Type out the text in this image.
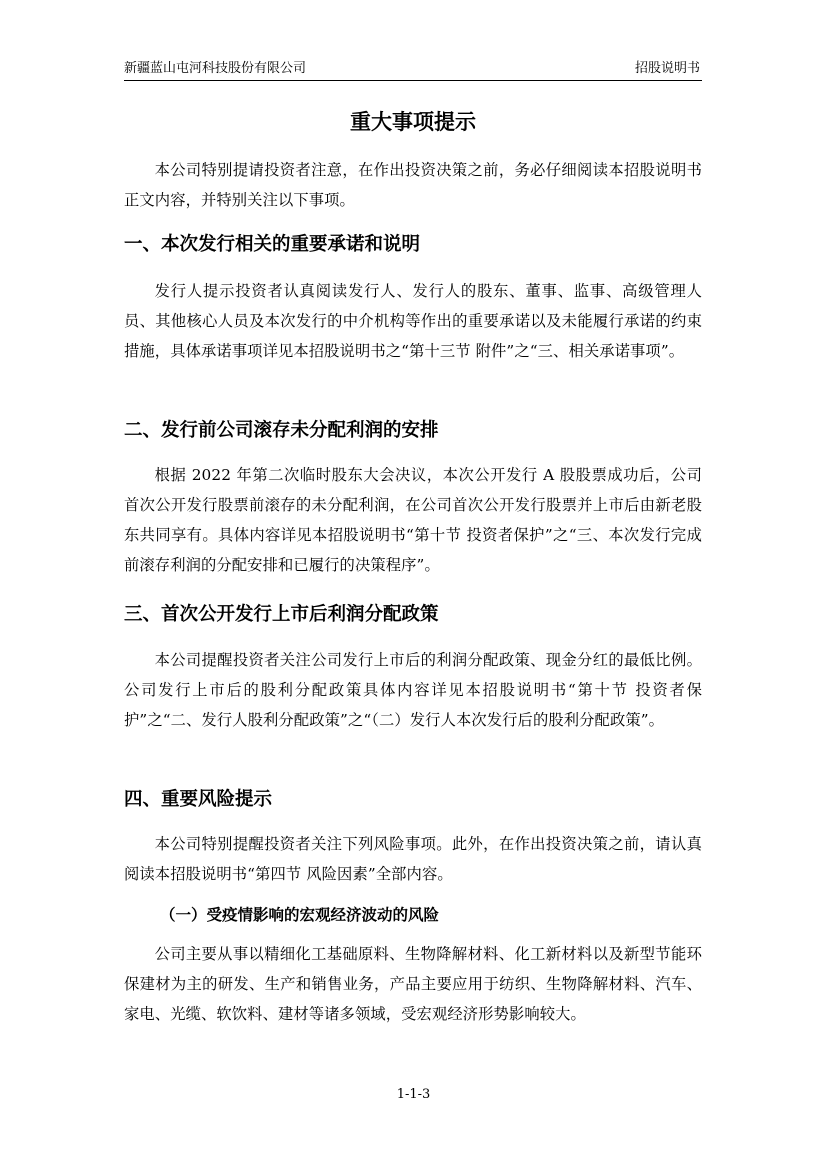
新疆蓝山屯河科技股份有限公司	招股说明书
重大事项提示
本公司特别提请投资者注意，在作出投资决策之前，务必仔细阅读本招股说明书正文内容，并特别关注以下事项。
一、本次发行相关的重要承诺和说明
发行人提示投资者认真阅读发行人、发行人的股东、董事、监事、高级管理人员、其他核心人员及本次发行的中介机构等作出的重要承诺以及未能履行承诺的约束措施，具体承诺事项详见本招股说明书之“第十三节 附件”之“三、相关承诺事项”。
二、发行前公司滚存未分配利润的安排
根据 2022 年第二次临时股东大会决议，本次公开发行 A 股股票成功后，公司首次公开发行股票前滚存的未分配利润，在公司首次公开发行股票并上市后由新老股东共同享有。具体内容详见本招股说明书“第十节 投资者保护”之“三、本次发行完成前滚存利润的分配安排和已履行的决策程序”。
三、首次公开发行上市后利润分配政策
本公司提醒投资者关注公司发行上市后的利润分配政策、现金分红的最低比例。公司发行上市后的股利分配政策具体内容详见本招股说明书“第十节 投资者保护”之“二、发行人股利分配政策”之“（二）发行人本次发行后的股利分配政策”。
四、重要风险提示
本公司特别提醒投资者关注下列风险事项。此外，在作出投资决策之前，请认真阅读本招股说明书“第四节 风险因素”全部内容。
（一）受疫情影响的宏观经济波动的风险
公司主要从事以精细化工基础原料、生物降解材料、化工新材料以及新型节能环保建材为主的研发、生产和销售业务，产品主要应用于纺织、生物降解材料、汽车、家电、光缆、软饮料、建材等诸多领域，受宏观经济形势影响较大。
1-1-3
